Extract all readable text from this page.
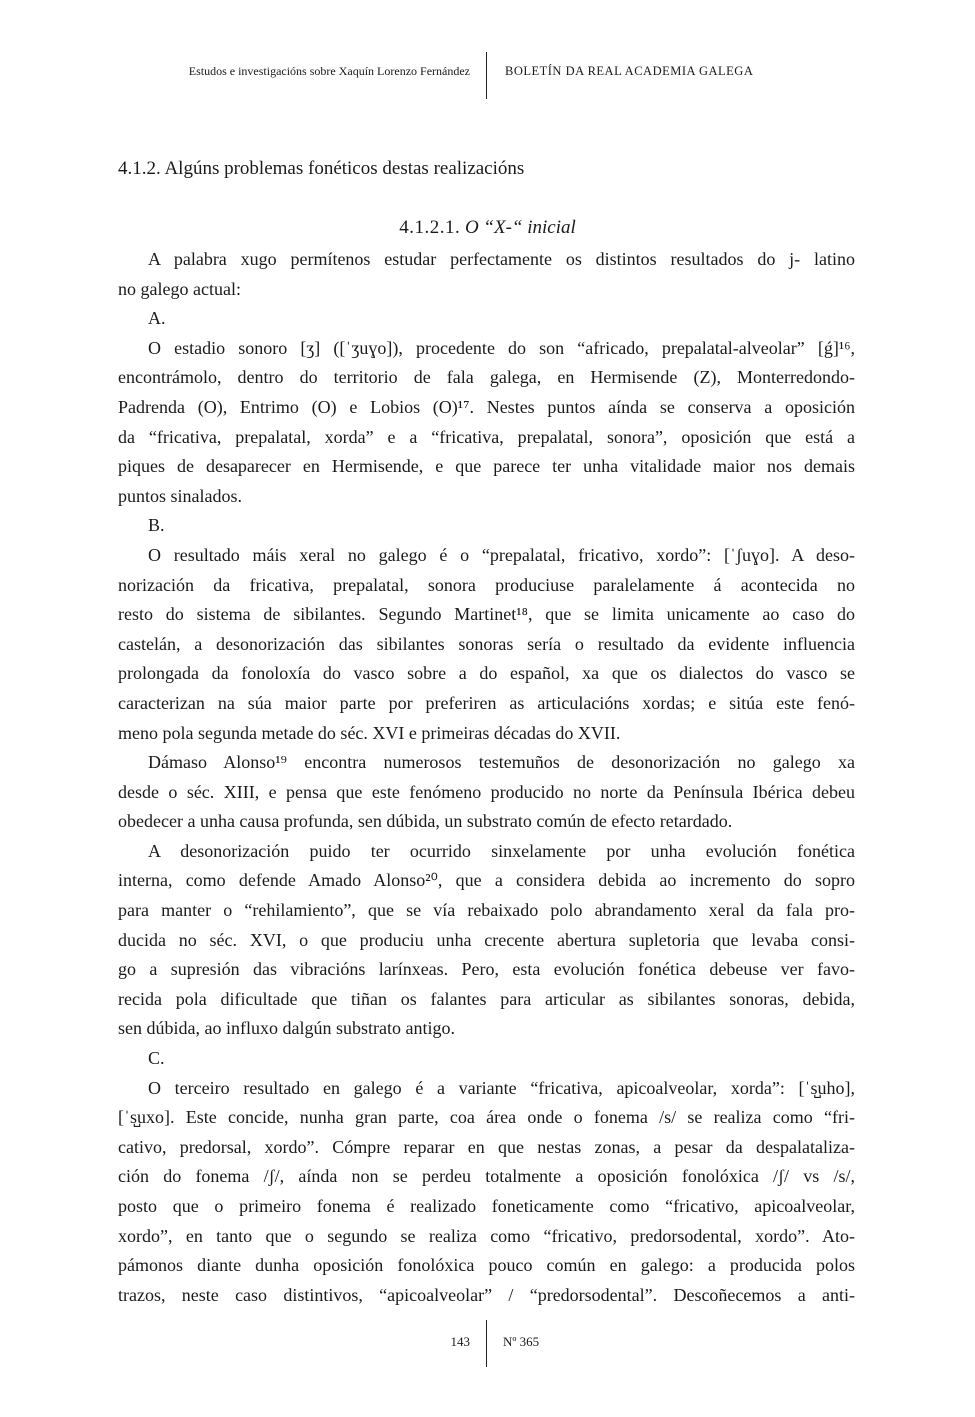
Estudos e investigacións sobre Xaquín Lorenzo Fernández	BOLETÍN DA REAL ACADEMIA GALEGA
4.1.2. Algúns problemas fonéticos destas realizacións
4.1.2.1. O “X-“ inicial
A palabra xugo permítenos estudar perfectamente os distintos resultados do j- latino
no galego actual:
A.
O estadio sonoro [ʒ] ([ˈʒuɣo]), procedente do son “africado, prepalatal-alveolar” [ǵ]¹⁶,
encontrámolo, dentro do territorio de fala galega, en Hermisende (Z), Monterredondo-
Padrenda (O), Entrimo (O) e Lobios (O)¹⁷. Nestes puntos aínda se conserva a oposición
da “fricativa, prepalatal, xorda” e a “fricativa, prepalatal, sonora”, oposición que está a
piques de desaparecer en Hermisende, e que parece ter unha vitalidade maior nos demais
puntos sinalados.
B.
O resultado máis xeral no galego é o “prepalatal, fricativo, xordo”: [ˈʃuɣo]. A deso-
norización da fricativa, prepalatal, sonora produciuse paralelamente á acontecida no
resto do sistema de sibilantes. Segundo Martinet¹⁸, que se limita unicamente ao caso do
castelán, a desonorización das sibilantes sonoras sería o resultado da evidente influencia
prolongada da fonoloxía do vasco sobre a do español, xa que os dialectos do vasco se
caracterizan na súa maior parte por preferiren as articulacións xordas; e sitúa este fenó-
meno pola segunda metade do séc. XVI e primeiras décadas do XVII.
Dámaso Alonso¹⁹ encontra numerosos testemuños de desonorización no galego xa
desde o séc. XIII, e pensa que este fenómeno producido no norte da Península Ibérica debeu
obedecer a unha causa profunda, sen dúbida, un substrato común de efecto retardado.
A desonorización puido ter ocurrido sinxelamente por unha evolución fonética
interna, como defende Amado Alonso²⁰, que a considera debida ao incremento do sopro
para manter o “rehilamiento”, que se vía rebaixado polo abrandamento xeral da fala pro-
ducida no séc. XVI, o que produciu unha crecente abertura supletoria que levaba consi-
go a supresión das vibracións larínxeas. Pero, esta evolución fonética debeuse ver favo-
recida pola dificultade que tiñan os falantes para articular as sibilantes sonoras, debida,
sen dúbida, ao influxo dalgún substrato antigo.
C.
O terceiro resultado en galego é a variante “fricativa, apicoalveolar, xorda”: [ˈs̺uho],
[ˈs̺uxo]. Este concide, nunha gran parte, coa área onde o fonema /s/ se realiza como “fri-
cativo, predorsal, xordo”. Cómpre reparar en que nestas zonas, a pesar da despalataliza-
ción do fonema /ʃ/, aínda non se perdeu totalmente a oposición fonolóxica /ʃ/ vs /s/,
posto que o primeiro fonema é realizado foneticamente como “fricativo, apicoalveolar,
xordo”, en tanto que o segundo se realiza como “fricativo, predorsodental, xordo”. Ato-
pámonos diante dunha oposición fonolóxica pouco común en galego: a producida polos
trazos, neste caso distintivos, “apicoalveolar” / “predorsodental”. Descoñecemos a anti-
143	Nº 365
